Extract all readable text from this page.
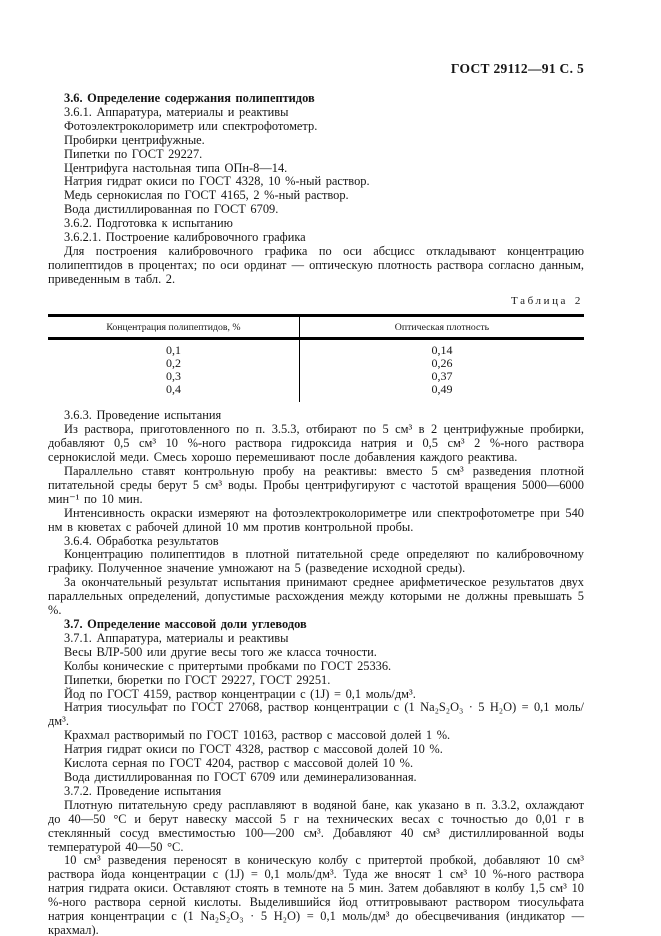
ГОСТ 29112—91 С. 5

3.6. Определение содержания полипептидов

3.6.1. Аппаратура, материалы и реактивы

Фотоэлектроколориметр или спектрофотометр.

Пробирки центрифужные.

Пипетки по ГОСТ 29227.

Центрифуга настольная типа ОПн-8—14.

Натрия гидрат окиси по ГОСТ 4328, 10 %-ный раствор.

Медь сернокислая по ГОСТ 4165, 2 %-ный раствор.

Вода дистиллированная по ГОСТ 6709.

3.6.2. Подготовка к испытанию

3.6.2.1. Построение калибровочного графика

Для построения калибровочного графика по оси абсцисс откладывают концентрацию полипептидов в процентах; по оси ординат — оптическую плотность раствора согласно данным, приведенным в табл. 2.

Таблица 2

Концентрация полипептидов, %	Оптическая плотность
0,1
0,2
0,3
0,4
0,14
0,26
0,37
0,49

3.6.3. Проведение испытания

Из раствора, приготовленного по п. 3.5.3, отбирают по 5 см³ в 2 центрифужные пробирки, добавляют 0,5 см³ 10 %-ного раствора гидроксида натрия и 0,5 см³ 2 %-ного раствора сернокислой меди. Смесь хорошо перемешивают после добавления каждого реактива.

Параллельно ставят контрольную пробу на реактивы: вместо 5 см³ разведения плотной питательной среды берут 5 см³ воды. Пробы центрифугируют с частотой вращения 5000—6000 мин⁻¹ по 10 мин.

Интенсивность окраски измеряют на фотоэлектроколориметре или спектрофотометре при 540 нм в кюветах с рабочей длиной 10 мм против контрольной пробы.

3.6.4. Обработка результатов

Концентрацию полипептидов в плотной питательной среде определяют по калибровочному графику. Полученное значение умножают на 5 (разведение исходной среды).

За окончательный результат испытания принимают среднее арифметическое результатов двух параллельных определений, допустимые расхождения между которыми не должны превышать 5 %.

3.7. Определение массовой доли углеводов

3.7.1. Аппаратура, материалы и реактивы

Весы ВЛР-500 или другие весы того же класса точности.

Колбы конические с притертыми пробками по ГОСТ 25336.

Пипетки, бюретки по ГОСТ 29227, ГОСТ 29251.

Йод по ГОСТ 4159, раствор концентрации c (1J) = 0,1 моль/дм³.

Натрия тиосульфат по ГОСТ 27068, раствор концентрации c (1 Na₂S₂O₃ · 5 H₂O) = 0,1 моль/дм³.

Крахмал растворимый по ГОСТ 10163, раствор с массовой долей 1 %.

Натрия гидрат окиси по ГОСТ 4328, раствор с массовой долей 10 %.

Кислота серная по ГОСТ 4204, раствор с массовой долей 10 %.

Вода дистиллированная по ГОСТ 6709 или деминерализованная.

3.7.2. Проведение испытания

Плотную питательную среду расплавляют в водяной бане, как указано в п. 3.3.2, охлаждают до 40—50 °С и берут навеску массой 5 г на технических весах с точностью до 0,01 г в стеклянный сосуд вместимостью 100—200 см³. Добавляют 40 см³ дистиллированной воды температурой 40—50 °С.

10 см³ разведения переносят в коническую колбу с притертой пробкой, добавляют 10 см³ раствора йода концентрации c (1J) = 0,1 моль/дм³. Туда же вносят 1 см³ 10 %-ного раствора натрия гидрата окиси. Оставляют стоять в темноте на 5 мин. Затем добавляют в колбу 1,5 см³ 10 %-ного раствора серной кислоты. Выделившийся йод оттитровывают раствором тиосульфата натрия концентрации c (1 Na₂S₂O₃ · 5 H₂O) = 0,1 моль/дм³ до обесцвечивания (индикатор — крахмал).
